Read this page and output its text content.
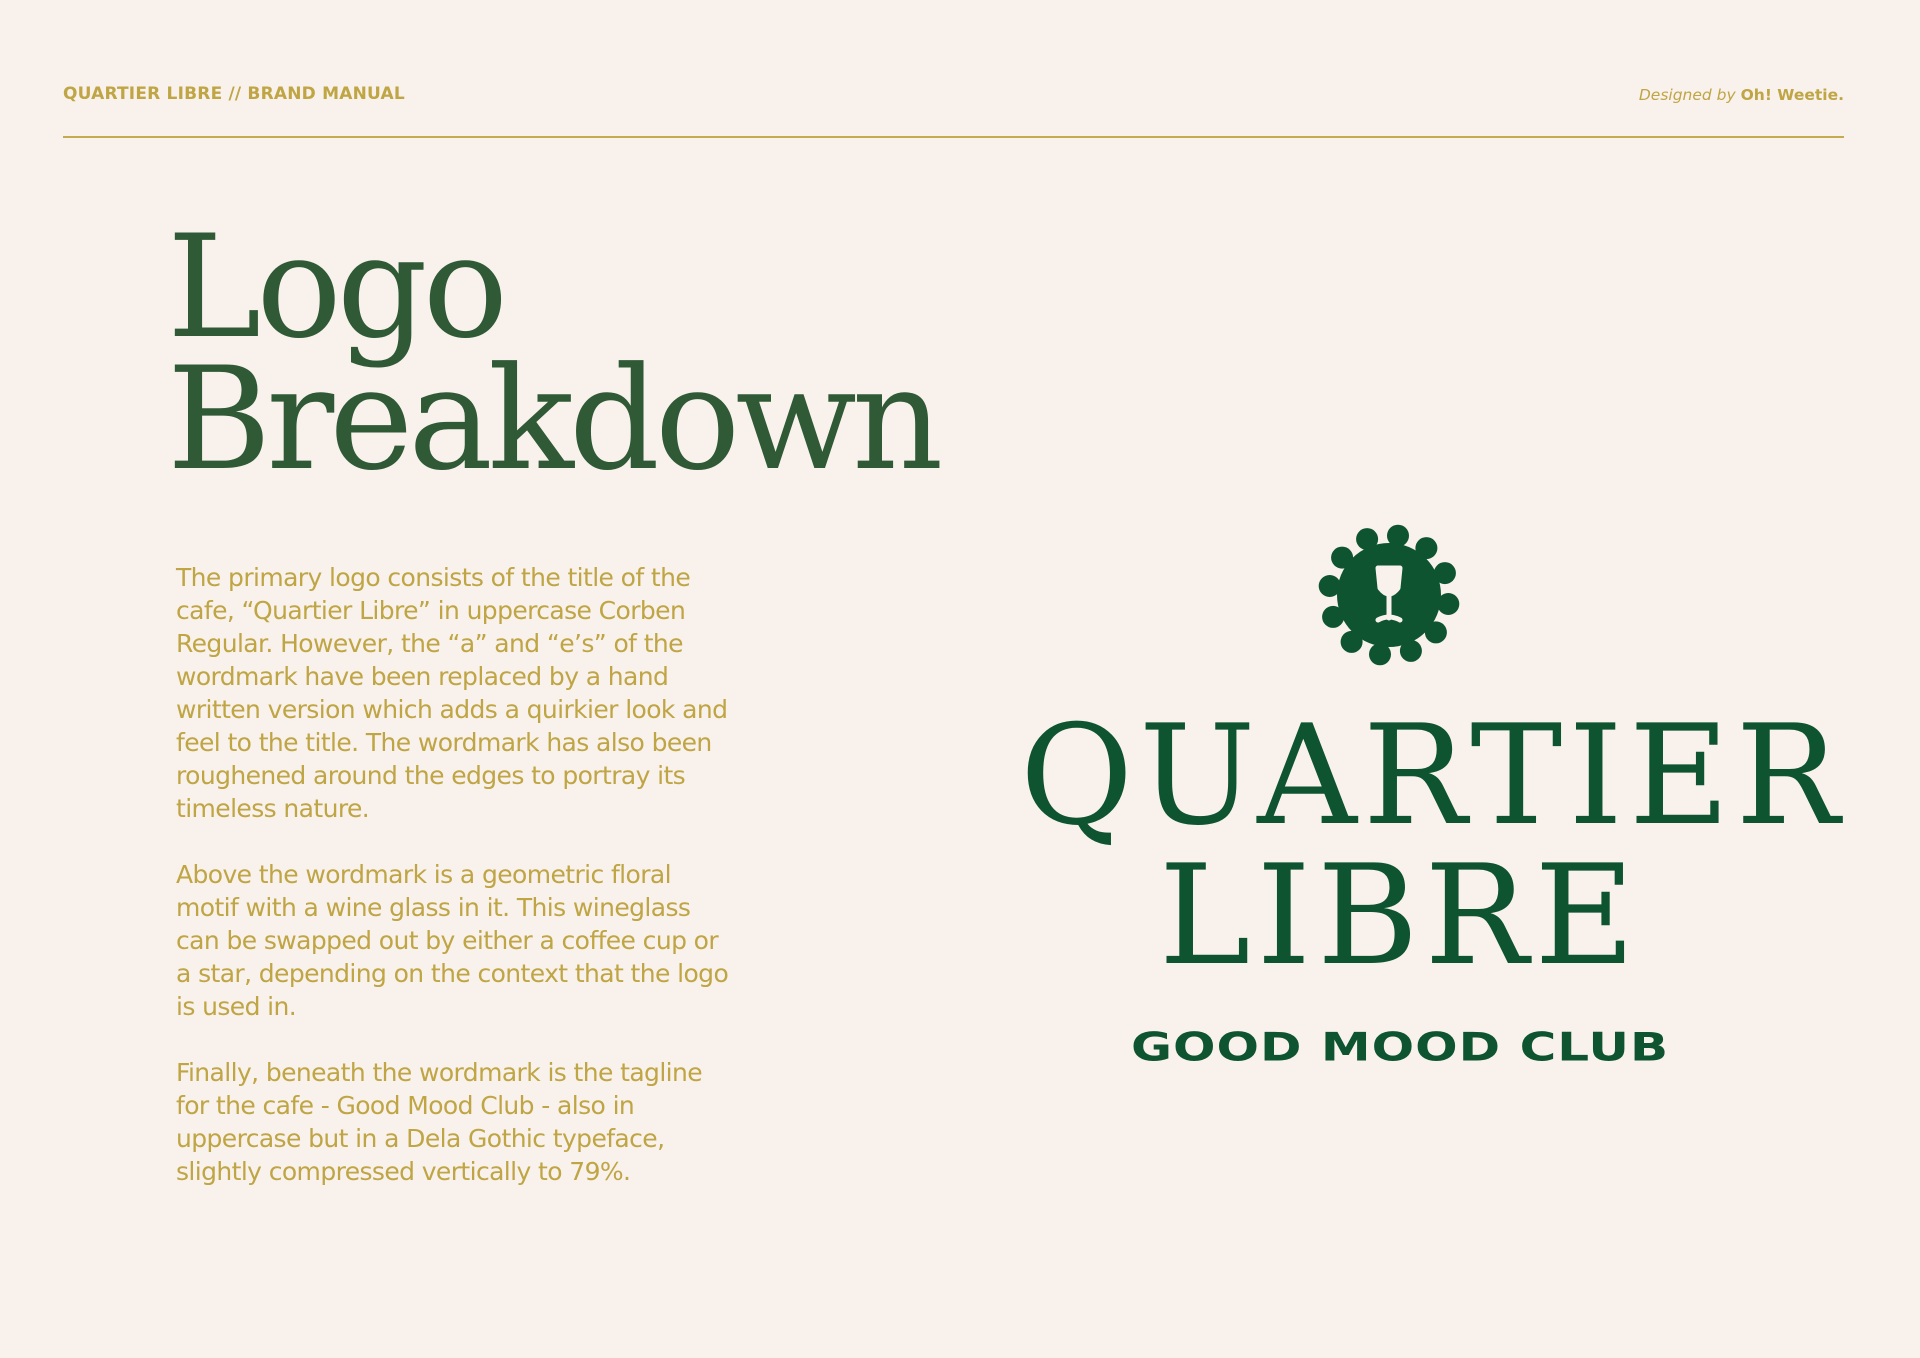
QUARTIER LIBRE // BRAND MANUAL	Designed by Oh! Weetie.
Logo
Breakdown

The primary logo consists of the title of the cafe, “Quartier Libre” in uppercase Corben Regular. However, the “a” and “e’s” of the wordmark have been replaced by a hand written version which adds a quirkier look and feel to the title. The wordmark has also been roughened around the edges to portray its timeless nature.

Above the wordmark is a geometric floral motif with a wine glass in it. This wineglass can be swapped out by either a coffee cup or a star, depending on the context that the logo is used in.

Finally, beneath the wordmark is the tagline for the cafe - Good Mood Club - also in uppercase but in a Dela Gothic typeface, slightly compressed vertically to 79%.

QUARTIER
LIBRE
GOOD MOOD CLUB
